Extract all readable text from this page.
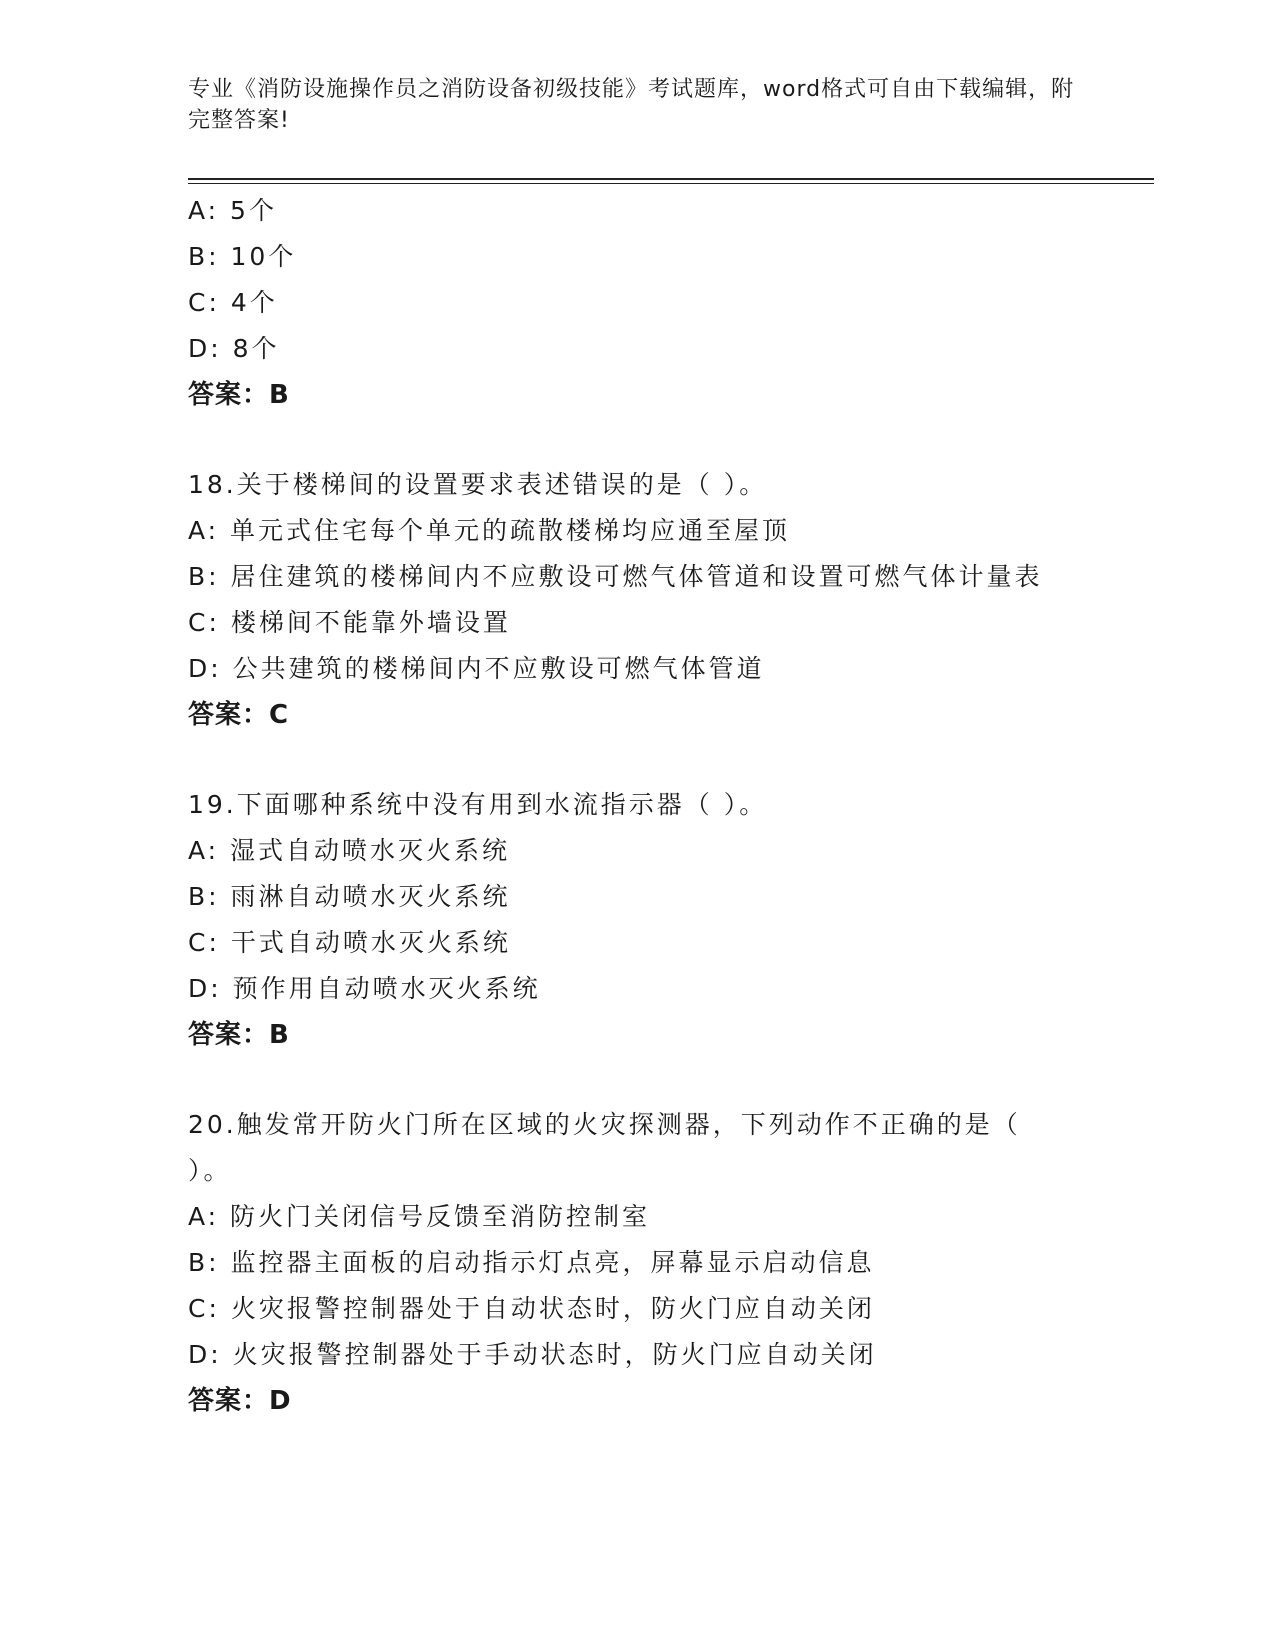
专业《消防设施操作员之消防设备初级技能》考试题库，word格式可自由下载编辑，附完整答案!
A: 5个
B: 10个
C: 4个
D: 8个
答案：B
18.关于楼梯间的设置要求表述错误的是（ ）。
A: 单元式住宅每个单元的疏散楼梯均应通至屋顶
B: 居住建筑的楼梯间内不应敷设可燃气体管道和设置可燃气体计量表
C: 楼梯间不能靠外墙设置
D: 公共建筑的楼梯间内不应敷设可燃气体管道
答案：C
19.下面哪种系统中没有用到水流指示器（ ）。
A: 湿式自动喷水灭火系统
B: 雨淋自动喷水灭火系统
C: 干式自动喷水灭火系统
D: 预作用自动喷水灭火系统
答案：B
20.触发常开防火门所在区域的火灾探测器，下列动作不正确的是（ ）。
A: 防火门关闭信号反馈至消防控制室
B: 监控器主面板的启动指示灯点亮，屏幕显示启动信息
C: 火灾报警控制器处于自动状态时，防火门应自动关闭
D: 火灾报警控制器处于手动状态时，防火门应自动关闭
答案：D
